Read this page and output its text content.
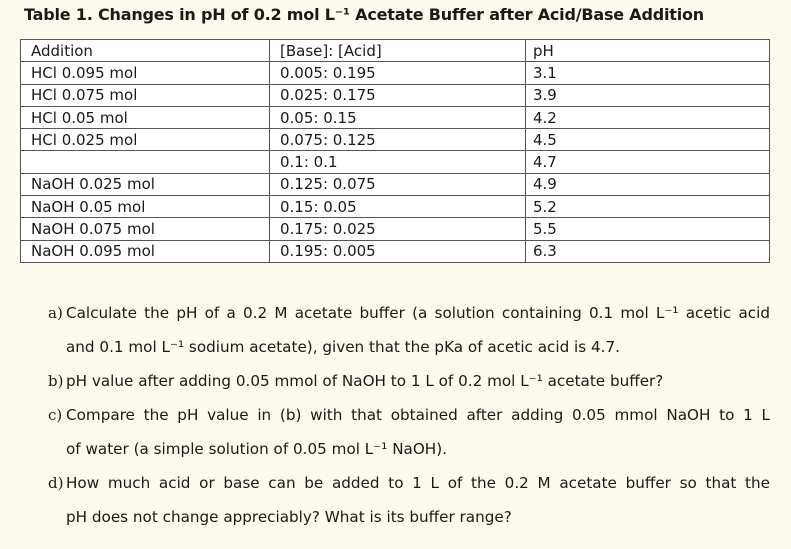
Table 1. Changes in pH of 0.2 mol L⁻¹ Acetate Buffer after Acid/Base Addition
Addition	[Base]: [Acid]	pH
HCl 0.095 mol	0.005: 0.195	3.1
HCl 0.075 mol	0.025: 0.175	3.9
HCl 0.05 mol	0.05: 0.15	4.2
HCl 0.025 mol	0.075: 0.125	4.5
	0.1: 0.1	4.7
NaOH 0.025 mol	0.125: 0.075	4.9
NaOH 0.05 mol	0.15: 0.05	5.2
NaOH 0.075 mol	0.175: 0.025	5.5
NaOH 0.095 mol	0.195: 0.005	6.3
a) Calculate the pH of a 0.2 M acetate buffer (a solution containing 0.1 mol L⁻¹ acetic acid
and 0.1 mol L⁻¹ sodium acetate), given that the pKa of acetic acid is 4.7.
b) pH value after adding 0.05 mmol of NaOH to 1 L of 0.2 mol L⁻¹ acetate buffer?
c) Compare the pH value in (b) with that obtained after adding 0.05 mmol NaOH to 1 L
of water (a simple solution of 0.05 mol L⁻¹ NaOH).
d) How much acid or base can be added to 1 L of the 0.2 M acetate buffer so that the
pH does not change appreciably? What is its buffer range?
